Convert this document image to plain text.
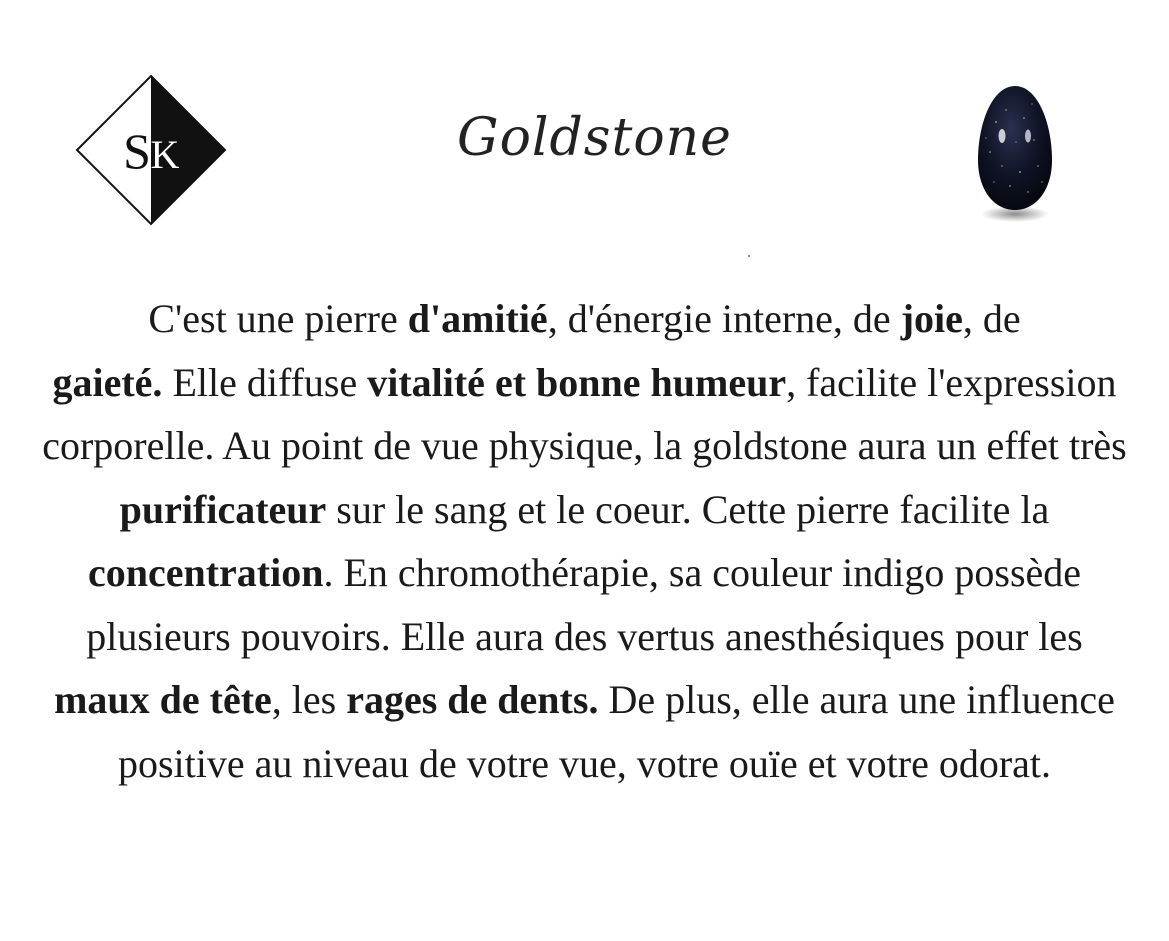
S K	Goldstone

C'est une pierre d'amitié, d'énergie interne, de joie, de
gaieté. Elle diffuse vitalité et bonne humeur, facilite l'expression corporelle. Au point de vue physique, la goldstone aura un effet très purificateur sur le sang et le coeur. Cette pierre facilite la concentration. En chromothérapie, sa couleur indigo possède plusieurs pouvoirs. Elle aura des vertus anesthésiques pour les maux de tête, les rages de dents. De plus, elle aura une influence positive au niveau de votre vue, votre ouïe et votre odorat.
